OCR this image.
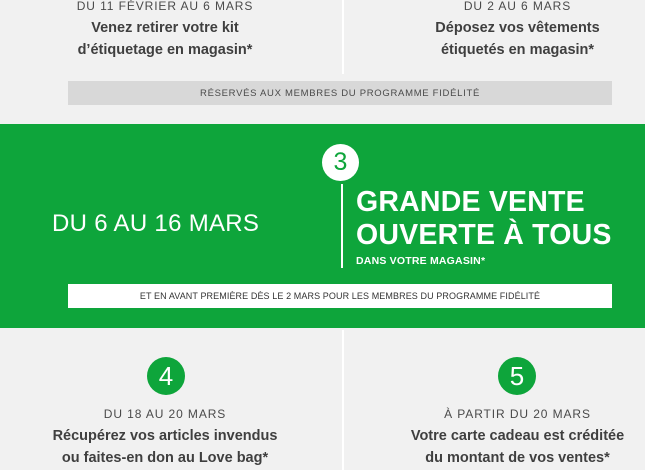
DU 11 FÉVRIER AU 6 MARS
Venez retirer votre kit
d’étiquetage en magasin*
DU 2 AU 6 MARS
Déposez vos vêtements
étiquetés en magasin*
RÉSERVÉS AUX MEMBRES DU PROGRAMME FIDÉLITÉ
DU 6 AU 16 MARS
3
GRANDE VENTE
OUVERTE À TOUS
DANS VOTRE MAGASIN*
ET EN AVANT PREMIÈRE DÈS LE 2 MARS POUR LES MEMBRES DU PROGRAMME FIDÉLITÉ
4	5
DU 18 AU 20 MARS
Récupérez vos articles invendus
ou faites-en don au Love bag*
À PARTIR DU 20 MARS
Votre carte cadeau est créditée
du montant de vos ventes*
